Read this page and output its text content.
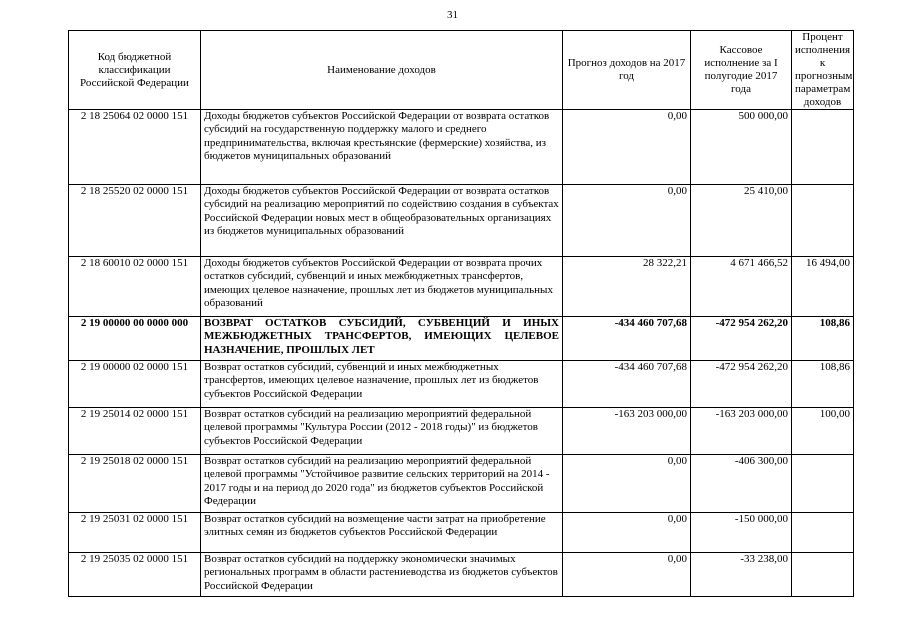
31
Код бюджетной классификации Российской Федерации	Наименование доходов	Прогноз доходов на 2017 год	Кассовое исполнение за I полугодие 2017 года	Процент исполнения к прогнозным параметрам доходов
2 18 25064 02 0000 151	Доходы бюджетов субъектов Российской Федерации от возврата остатков субсидий на государственную поддержку малого и среднего предпринимательства, включая крестьянские (фермерские) хозяйства, из бюджетов муниципальных образований	0,00	500 000,00	
2 18 25520 02 0000 151	Доходы бюджетов субъектов Российской Федерации от возврата остатков субсидий на реализацию мероприятий по содействию создания в субъектах Российской Федерации новых мест в общеобразовательных организациях из бюджетов муниципальных образований	0,00	25 410,00	
2 18 60010 02 0000 151	Доходы бюджетов субъектов Российской Федерации от возврата прочих остатков субсидий, субвенций и иных межбюджетных трансфертов, имеющих целевое назначение, прошлых лет из бюджетов муниципальных образований	28 322,21	4 671 466,52	16 494,00
2 19 00000 00 0000 000	ВОЗВРАТ ОСТАТКОВ СУБСИДИЙ, СУБВЕНЦИЙ И ИНЫХ МЕЖБЮДЖЕТНЫХ ТРАНСФЕРТОВ, ИМЕЮЩИХ ЦЕЛЕВОЕ НАЗНАЧЕНИЕ, ПРОШЛЫХ ЛЕТ	-434 460 707,68	-472 954 262,20	108,86
2 19 00000 02 0000 151	Возврат остатков субсидий, субвенций и иных межбюджетных трансфертов, имеющих целевое назначение, прошлых лет из бюджетов субъектов Российской Федерации	-434 460 707,68	-472 954 262,20	108,86
2 19 25014 02 0000 151	Возврат остатков субсидий на реализацию мероприятий федеральной целевой программы "Культура России (2012 - 2018 годы)" из бюджетов субъектов Российской Федерации	-163 203 000,00	-163 203 000,00	100,00
2 19 25018 02 0000 151	Возврат остатков субсидий на реализацию мероприятий федеральной целевой программы "Устойчивое развитие сельских территорий на 2014 - 2017 годы и на период до 2020 года" из бюджетов субъектов Российской Федерации	0,00	-406 300,00	
2 19 25031 02 0000 151	Возврат остатков субсидий на возмещение части затрат на приобретение элитных семян из бюджетов субъектов Российской Федерации	0,00	-150 000,00	
2 19 25035 02 0000 151	Возврат остатков субсидий на поддержку экономически значимых региональных программ в области растениеводства из бюджетов субъектов Российской Федерации	0,00	-33 238,00	
